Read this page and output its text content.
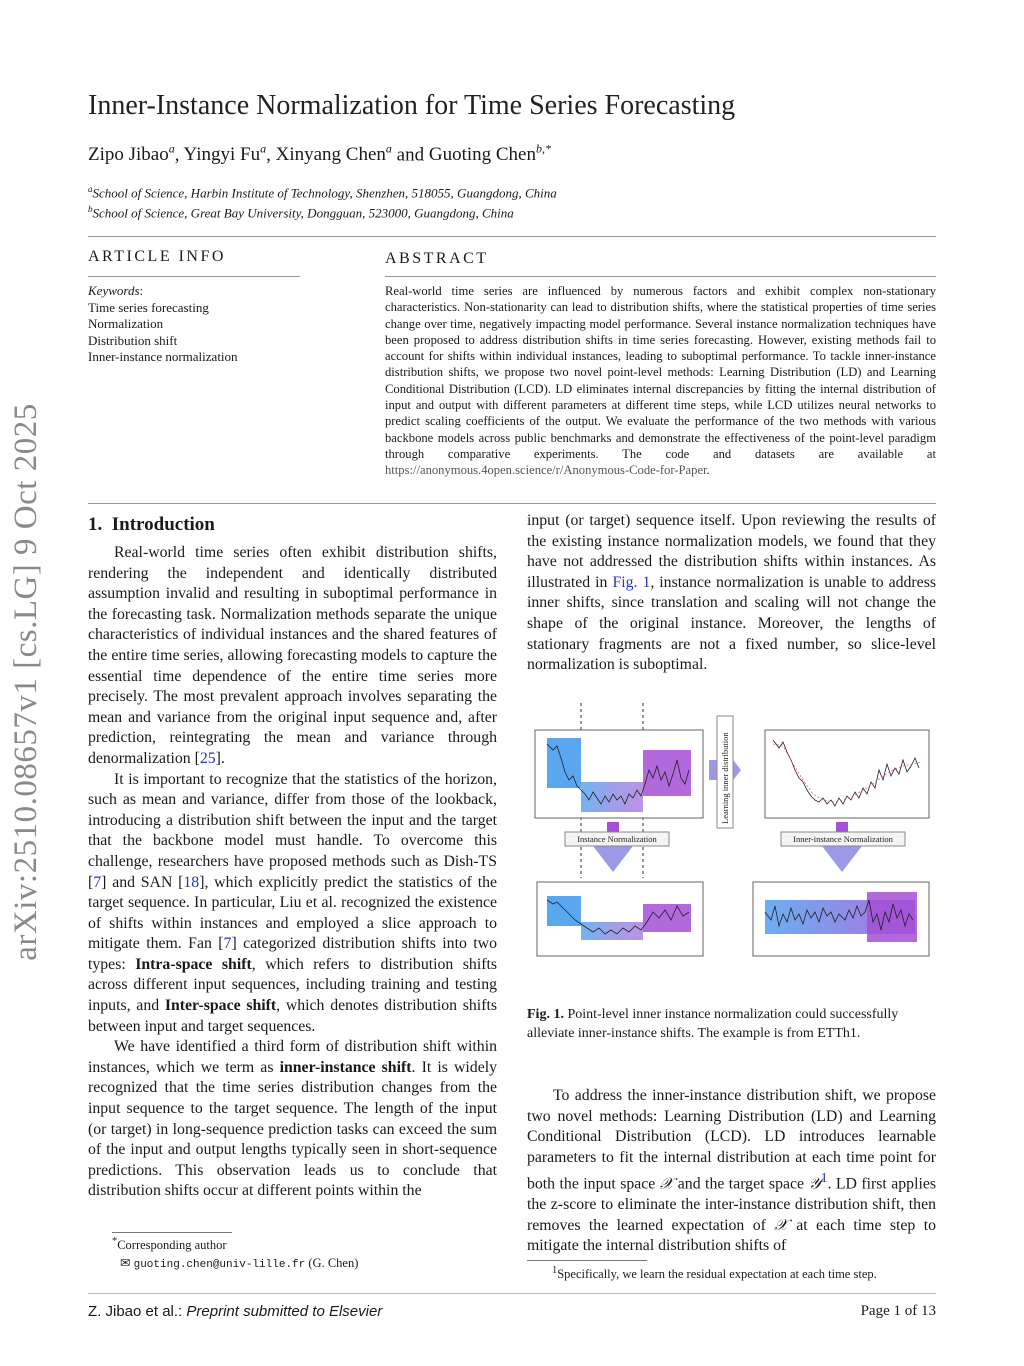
arXiv:2510.08657v1 [cs.LG] 9 Oct 2025
Inner-Instance Normalization for Time Series Forecasting
Zipo Jibao$^a$, Yingyi Fu$^a$, Xinyang Chen$^a$ and Guoting Chen$^{b,*}$
$^a$School of Science, Harbin Institute of Technology, Shenzhen, 518055, Guangdong, China
$^b$School of Science, Great Bay University, Dongguan, 523000, Guangdong, China
ARTICLE INFO
Keywords:
Time series forecasting
Normalization
Distribution shift
Inner-instance normalization
ABSTRACT
Real-world time series are influenced by numerous factors and exhibit complex non-stationary characteristics. Non-stationarity can lead to distribution shifts, where the statistical properties of time series change over time, negatively impacting model performance. Several instance normalization techniques have been proposed to address distribution shifts in time series forecasting. However, existing methods fail to account for shifts within individual instances, leading to suboptimal performance. To tackle inner-instance distribution shifts, we propose two novel point-level methods: Learning Distribution (LD) and Learning Conditional Distribution (LCD). LD eliminates internal discrepancies by fitting the internal distribution of input and output with different parameters at different time steps, while LCD utilizes neural networks to predict scaling coefficients of the output. We evaluate the performance of the two methods with various backbone models across public benchmarks and demonstrate the effectiveness of the point-level paradigm through comparative experiments. The code and datasets are available at https://anonymous.4open.science/r/Anonymous-Code-for-Paper.
1. Introduction

Real-world time series often exhibit distribution shifts, rendering the independent and identically distributed assumption invalid and resulting in suboptimal performance in the forecasting task. Normalization methods separate the unique characteristics of individual instances and the shared features of the entire time series, allowing forecasting models to capture the essential time dependence of the entire time series more precisely. The most prevalent approach involves separating the mean and variance from the original input sequence and, after prediction, reintegrating the mean and variance through denormalization [25].

It is important to recognize that the statistics of the horizon, such as mean and variance, differ from those of the lookback, introducing a distribution shift between the input and the target that the backbone model must handle. To overcome this challenge, researchers have proposed methods such as Dish-TS [7] and SAN [18], which explicitly predict the statistics of the target sequence. In particular, Liu et al. recognized the existence of shifts within instances and employed a slice approach to mitigate them. Fan [7] categorized distribution shifts into two types: Intra-space shift, which refers to distribution shifts across different input sequences, including training and testing inputs, and Inter-space shift, which denotes distribution shifts between input and target sequences.

We have identified a third form of distribution shift within instances, which we term as inner-instance shift. It is widely recognized that the time series distribution changes from the input sequence to the target sequence. The length of the input (or target) in long-sequence prediction tasks can exceed the sum of the input and output lengths typically seen in short-sequence predictions. This observation leads us to conclude that distribution shifts occur at different points within the

input (or target) sequence itself. Upon reviewing the results of the existing instance normalization models, we found that they have not addressed the distribution shifts within instances. As illustrated in Fig. 1, instance normalization is unable to address inner shifts, since translation and scaling will not change the shape of the original instance. Moreover, the lengths of stationary fragments are not a fixed number, so slice-level normalization is suboptimal.

Learning inner distribution
Instance Normalization	Inner-instance Normalization
Fig. 1. Point-level inner instance normalization could successfully alleviate inner-instance shifts. The example is from ETTh1.

To address the inner-instance distribution shift, we propose two novel methods: Learning Distribution (LD) and Learning Conditional Distribution (LCD). LD introduces learnable parameters to fit the internal distribution at each time point for both the input space 𝒳 and the target space 𝒴$^1$. LD first applies the z-score to eliminate the inter-instance distribution shift, then removes the learned expectation of 𝒳 at each time step to mitigate the internal distribution shifts of

*Corresponding author
✉ guoting.chen@univ-lille.fr (G. Chen)
$^1$Specifically, we learn the residual expectation at each time step.
Z. Jibao et al.: Preprint submitted to Elsevier	Page 1 of 13
